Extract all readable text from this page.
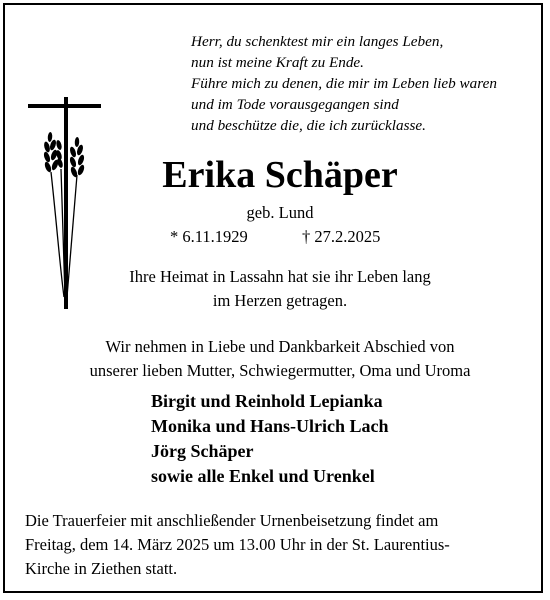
Herr, du schenktest mir ein langes Leben,
nun ist meine Kraft zu Ende.
Führe mich zu denen, die mir im Leben lieb waren
und im Tode vorausgegangen sind
und beschütze die, die ich zurücklasse.
Erika Schäper
geb. Lund
* 6.11.1929	† 27.2.2025

Ihre Heimat in Lassahn hat sie ihr Leben lang
im Herzen getragen.

Wir nehmen in Liebe und Dankbarkeit Abschied von
unserer lieben Mutter, Schwiegermutter, Oma und Uroma

Birgit und Reinhold Lepianka
Monika und Hans-Ulrich Lach
Jörg Schäper
sowie alle Enkel und Urenkel

Die Trauerfeier mit anschließender Urnenbeisetzung findet am
Freitag, dem 14. März 2025 um 13.00 Uhr in der St. Laurentius-
Kirche in Ziethen statt.
